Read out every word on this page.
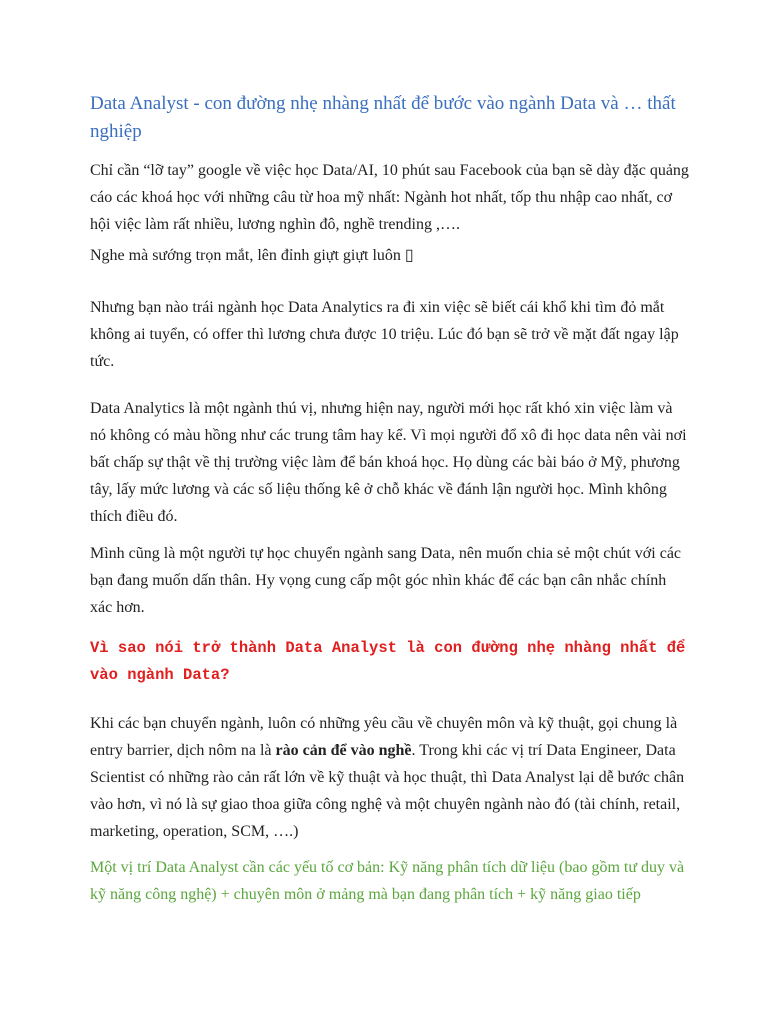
Data Analyst - con đường nhẹ nhàng nhất để bước vào ngành Data và … thất nghiệp

Chỉ cần “lỡ tay” google về việc học Data/AI, 10 phút sau Facebook của bạn sẽ dày đặc quảng cáo các khoá học với những câu từ hoa mỹ nhất: Ngành hot nhất, tốp thu nhập cao nhất, cơ hội việc làm rất nhiều, lương nghìn đô, nghề trending ,….

Nghe mà sướng trọn mắt, lên đỉnh giựt giựt luôn ▯

Nhưng bạn nào trái ngành học Data Analytics ra đi xin việc sẽ biết cái khổ khi tìm đỏ mắt không ai tuyển, có offer thì lương chưa được 10 triệu. Lúc đó bạn sẽ trở về mặt đất ngay lập tức.

Data Analytics là một ngành thú vị, nhưng hiện nay, người mới học rất khó xin việc làm và nó không có màu hồng như các trung tâm hay kể. Vì mọi người đổ xô đi học data nên vài nơi bất chấp sự thật về thị trường việc làm để bán khoá học. Họ dùng các bài báo ở Mỹ, phương tây, lấy mức lương và các số liệu thống kê ở chỗ khác về đánh lận người học. Mình không thích điều đó.

Mình cũng là một người tự học chuyển ngành sang Data, nên muốn chia sẻ một chút với các bạn đang muốn dấn thân. Hy vọng cung cấp một góc nhìn khác để các bạn cân nhắc chính xác hơn.

Vì sao nói trở thành Data Analyst là con đường nhẹ nhàng nhất để vào ngành Data?

Khi các bạn chuyển ngành, luôn có những yêu cầu về chuyên môn và kỹ thuật, gọi chung là entry barrier, dịch nôm na là rào cản để vào nghề. Trong khi các vị trí Data Engineer, Data Scientist có những rào cản rất lớn về kỹ thuật và học thuật, thì Data Analyst lại dễ bước chân vào hơn, vì nó là sự giao thoa giữa công nghệ và một chuyên ngành nào đó (tài chính, retail, marketing, operation, SCM, ….)

Một vị trí Data Analyst cần các yếu tố cơ bản: Kỹ năng phân tích dữ liệu (bao gồm tư duy và kỹ năng công nghệ) + chuyên môn ở mảng mà bạn đang phân tích + kỹ năng giao tiếp
